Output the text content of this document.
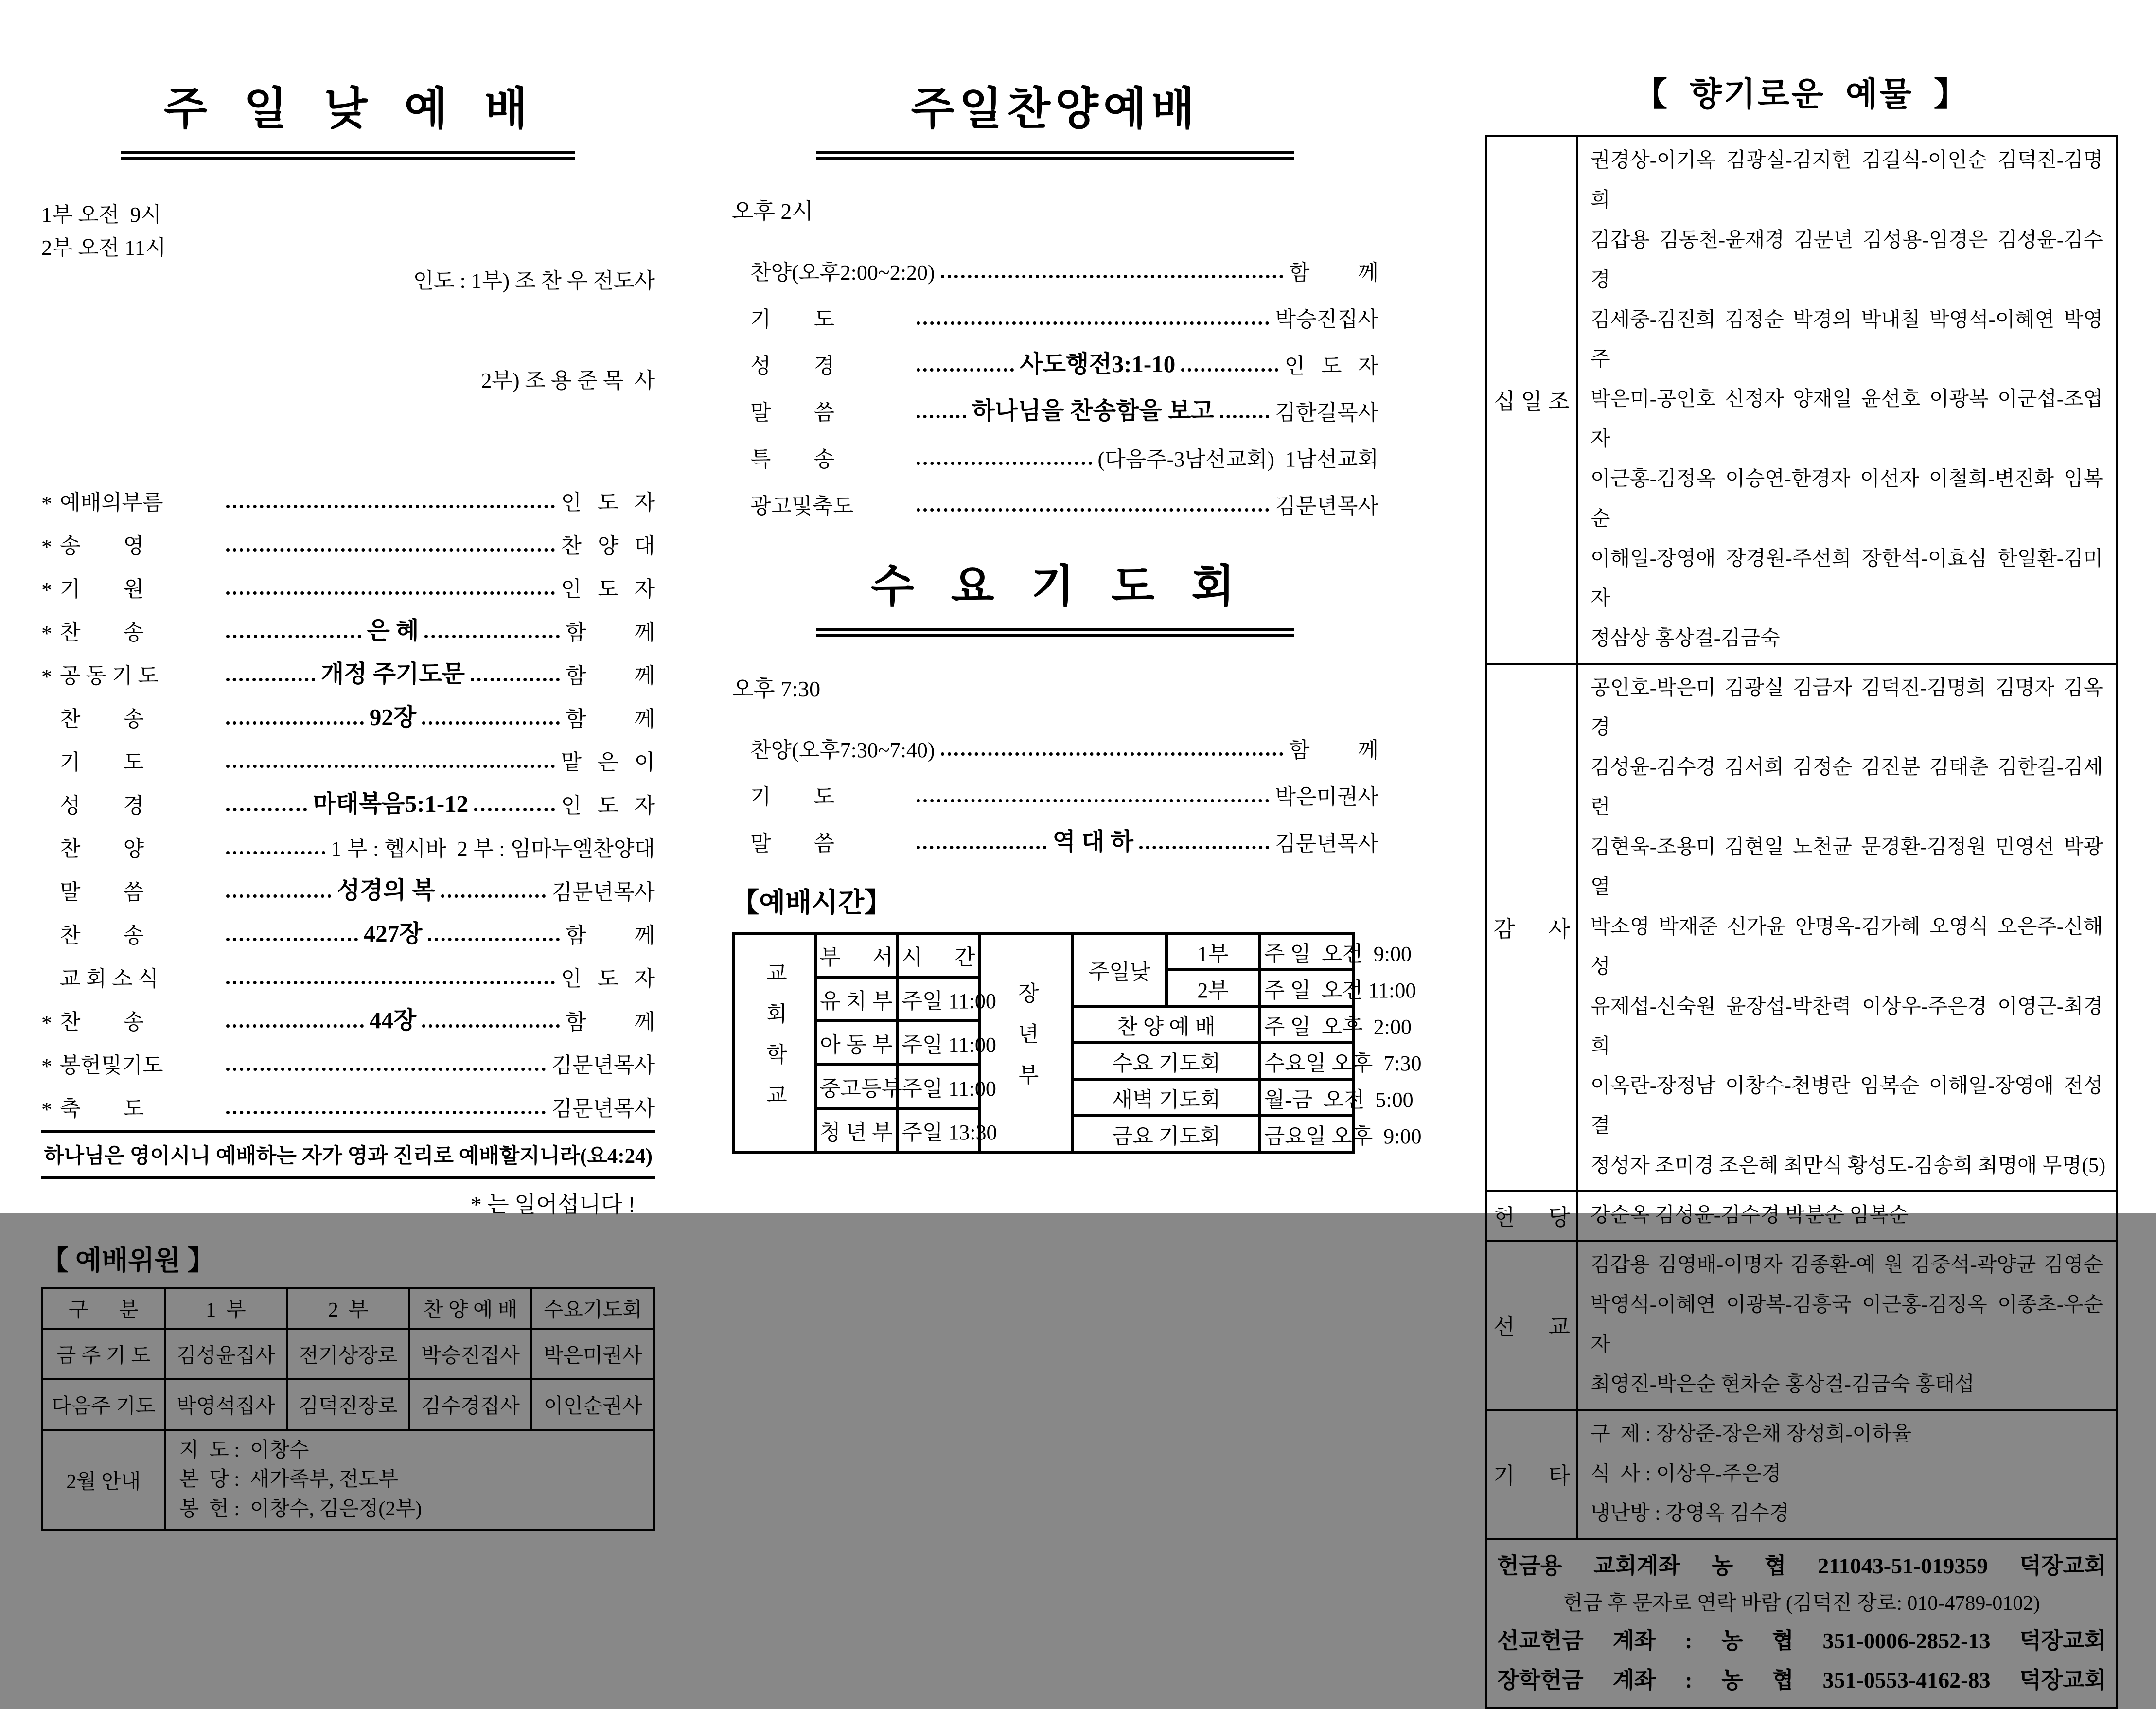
주  일  낮  예  배
1부 오전  9시
2부 오전 11시

인도 : 1부) 조 찬 우 전도사

2부) 조 용 준 목  사

* 예배의부름	인   도   자
* 송        영	찬   양   대
* 기        원	인   도   자
* 찬        송	은 혜	함         께
* 공 동 기 도	개정 주기도문	함         께
찬        송	92장	함         께
기        도	맡   은   이
성        경	마태복음5:1-12	인   도   자
찬        양	1 부 : 헵시바  2 부 : 임마누엘찬양대
말        씀	성경의 복	김문년목사
찬        송	427장	함         께
교 회 소 식	인   도   자
* 찬        송	44장	함         께
* 봉헌및기도	김문년목사
* 축        도	김문년목사
하나님은 영이시니 예배하는 자가 영과 진리로 예배할지니라(요4:24)
* 는 일어섭니다 !
【 예배위원 】
구      분	1  부	2  부	찬 양 예 배	수요기도회
금 주 기 도	김성윤집사	전기상장로	박승진집사	박은미권사
다음주 기도	박영석집사	김덕진장로	김수경집사	이인순권사
2월 안내	지  도 :  이창수
본  당 :  새가족부, 전도부
봉  헌 :  이창수, 김은정(2부)			
주일찬양예배
오후 2시
찬양(오후2:00~2:20)	함         께
기        도	박승진집사
성        경	사도행전3:1-10	인   도   자
말        씀	하나님을 찬송함을 보고	김한길목사
특        송	(다음주-3남선교회)  1남선교회
광고및축도	김문년목사
수  요  기  도  회
오후 7:30
찬양(오후7:30~7:40)	함         께
기        도	박은미권사
말        씀	역 대 하	김문년목사
【예배시간】
교회학교	부      서	시      간
	유 치 부	주일 11:00
	아 동 부	주일 11:00
	중고등부	주일 11:00
	청 년 부	주일 13:30
장년부	주일낮	1부	주 일  오전  9:00
		2부	주 일  오전 11:00
	찬 양 예 배		주 일  오후  2:00
	수요 기도회		수요일 오후  7:30
	새벽 기도회		월-금  오전  5:00
	금요 기도회		금요일 오후  9:00
【  향기로운  예물  】
십 일 조	
권경상-이기옥 김광실-김지현 김길식-이인순 김덕진-김명희
김갑용 김동천-윤재경 김문년 김성용-임경은 김성윤-김수경
김세중-김진희 김정순 박경의 박내칠 박영석-이혜연 박영주
박은미-공인호 신정자 양재일 윤선호 이광복 이군섭-조엽자
이근홍-김정옥 이승연-한경자 이선자 이철희-변진화 임복순
이해일-장영애 장경원-주선희 장한석-이효심 한일환-김미자
정삼상 홍상걸-김금숙

감      사	
공인호-박은미 김광실 김금자 김덕진-김명희 김명자 김옥경
김성윤-김수경 김서희 김정순 김진분 김태춘 김한길-김세련
김현욱-조용미 김현일 노천균 문경환-김정원 민영선 박광열
박소영 박재준 신가윤 안명옥-김가혜 오영식 오은주-신해성
유제섭-신숙원 윤장섭-박찬력 이상우-주은경 이영근-최경희
이옥란-장정남 이창수-천병란 임복순 이해일-장영애 전성결
정성자 조미경 조은혜 최만식 황성도-김송희 최명애 무명(5)

헌      당	강순옥 김성윤-김수경 박분순 임복순

선      교	김갑용 김영배-이명자 김종환-예 원 김중석-곽양균 김영순
박영석-이혜연 이광복-김흥국 이근홍-김정옥 이종초-우순자
최영진-박은순 현차순 홍상걸-김금숙 홍태섭

기      타	구  제 : 장상준-장은채 장성희-이하율
식  사 : 이상우-주은경
냉난방 : 강영옥 김수경
헌금용 교회계좌 농 협 211043-51-019359 덕장교회
헌금 후 문자로 연락 바람 (김덕진 장로: 010-4789-0102)
선교헌금 계좌 : 농 협 351-0006-2852-13 덕장교회
장학헌금 계좌 : 농 협 351-0553-4162-83 덕장교회
